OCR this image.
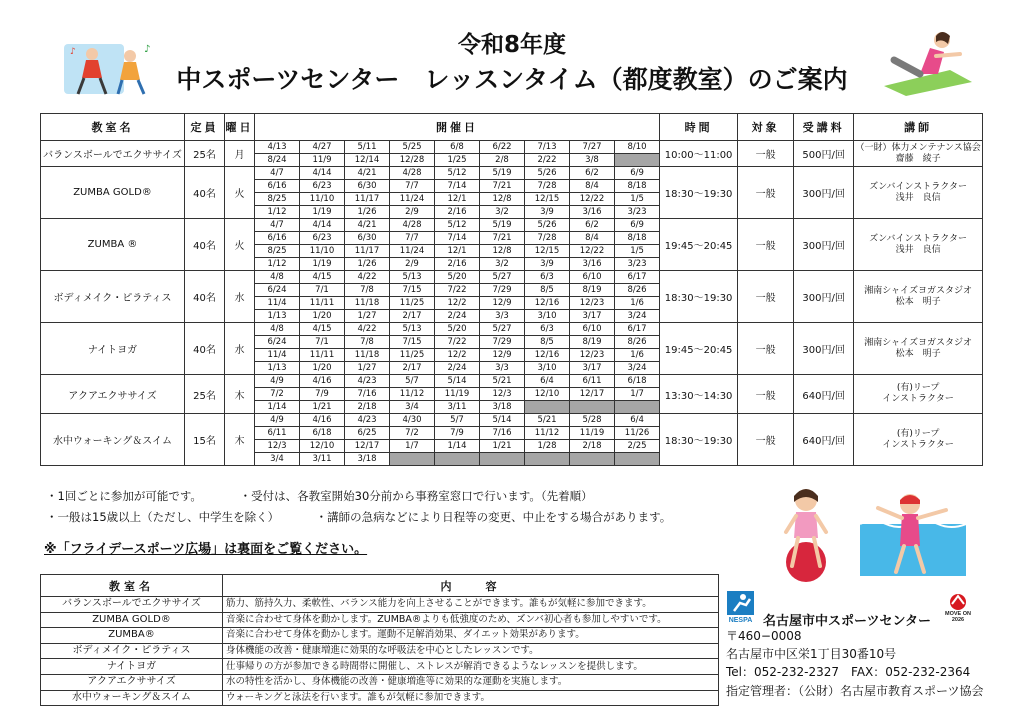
令和8年度
中スポーツセンター　レッスンタイム（都度教室）のご案内
♪
♪
教室名	定員	曜日	開催日									時間	対象	受講料	講師
バランスボールでエクササイズ	25名	月	4/13	4/27	5/11	5/25	6/8	6/22	7/13	7/27	8/10	10:00～11:00	一般	500円/回	（一財）体力メンテナンス協会
齋藤　綾子

			8/24	11/9	12/14	12/28	1/25	2/8	2/22	3/8					
ZUMBA GOLD®	40名	火	4/7	4/14	4/21	4/28	5/12	5/19	5/26	6/2	6/9	18:30～19:30	一般	300円/回	ズンバインストラクター
浅井　良信

			6/16	6/23	6/30	7/7	7/14	7/21	7/28	8/4	8/18				
			8/25	11/10	11/17	11/24	12/1	12/8	12/15	12/22	1/5				
			1/12	1/19	1/26	2/9	2/16	3/2	3/9	3/16	3/23				
ZUMBA ®	40名	火	4/7	4/14	4/21	4/28	5/12	5/19	5/26	6/2	6/9	19:45～20:45	一般	300円/回	ズンバインストラクター
浅井　良信

			6/16	6/23	6/30	7/7	7/14	7/21	7/28	8/4	8/18				
			8/25	11/10	11/17	11/24	12/1	12/8	12/15	12/22	1/5				
			1/12	1/19	1/26	2/9	2/16	3/2	3/9	3/16	3/23				
ボディメイク・ピラティス	40名	水	4/8	4/15	4/22	5/13	5/20	5/27	6/3	6/10	6/17	18:30～19:30	一般	300円/回	湘南シャイズヨガスタジオ
松本　明子

			6/24	7/1	7/8	7/15	7/22	7/29	8/5	8/19	8/26				
			11/4	11/11	11/18	11/25	12/2	12/9	12/16	12/23	1/6				
			1/13	1/20	1/27	2/17	2/24	3/3	3/10	3/17	3/24				
ナイトヨガ	40名	水	4/8	4/15	4/22	5/13	5/20	5/27	6/3	6/10	6/17	19:45～20:45	一般	300円/回	湘南シャイズヨガスタジオ
松本　明子

			6/24	7/1	7/8	7/15	7/22	7/29	8/5	8/19	8/26				
			11/4	11/11	11/18	11/25	12/2	12/9	12/16	12/23	1/6				
			1/13	1/20	1/27	2/17	2/24	3/3	3/10	3/17	3/24				
アクアエクササイズ	25名	木	4/9	4/16	4/23	5/7	5/14	5/21	6/4	6/11	6/18	13:30～14:30	一般	640円/回	(有)リープ
インストラクター

			7/2	7/9	7/16	11/12	11/19	12/3	12/10	12/17	1/7				
			1/14	1/21	2/18	3/4	3/11	3/18							
水中ウォーキング＆スイム	15名	木	4/9	4/16	4/23	4/30	5/7	5/14	5/21	5/28	6/4	18:30～19:30	一般	640円/回	(有)リープ
インストラクター

			6/11	6/18	6/25	7/2	7/9	7/16	11/12	11/19	11/26				
			12/3	12/10	12/17	1/7	1/14	1/21	1/28	2/18	2/25				
			3/4	3/11	3/18										
・1回ごとに参加が可能です。	・受付は、各教室開始30分前から事務室窓口で行います。（先着順）
・一般は15歳以上（ただし、中学生を除く）	・講師の急病などにより日程等の変更、中止をする場合があります。
※「フライデースポーツ広場」は裏面をご覧ください。
教室名	内　　容
バランスボールでエクササイズ	筋力、筋持久力、柔軟性、バランス能力を向上させることができます。誰もが気軽に参加できます。
ZUMBA GOLD®	音楽に合わせて身体を動かします。ZUMBA®よりも低強度のため、ズンバ初心者も参加しやすいです。
ZUMBA®	音楽に合わせて身体を動かします。運動不足解消効果、ダイエット効果があります。
ボディメイク・ピラティス	身体機能の改善・健康増進に効果的な呼吸法を中心としたレッスンです。
ナイトヨガ	仕事帰りの方が参加できる時間帯に開催し、ストレスが解消できるようなレッスンを提供します。
アクアエクササイズ	水の特性を活かし、身体機能の改善・健康増進等に効果的な運動を実施します。
水中ウォーキング＆スイム	ウォーキングと泳法を行います。誰もが気軽に参加できます。
NESPA
MOVE ON
2026
名古屋市中スポーツセンター
〒460−0008
名古屋市中区栄1丁目30番10号
Tel：052-232-2327　FAX：052-232-2364
指定管理者：（公財）名古屋市教育スポーツ協会
